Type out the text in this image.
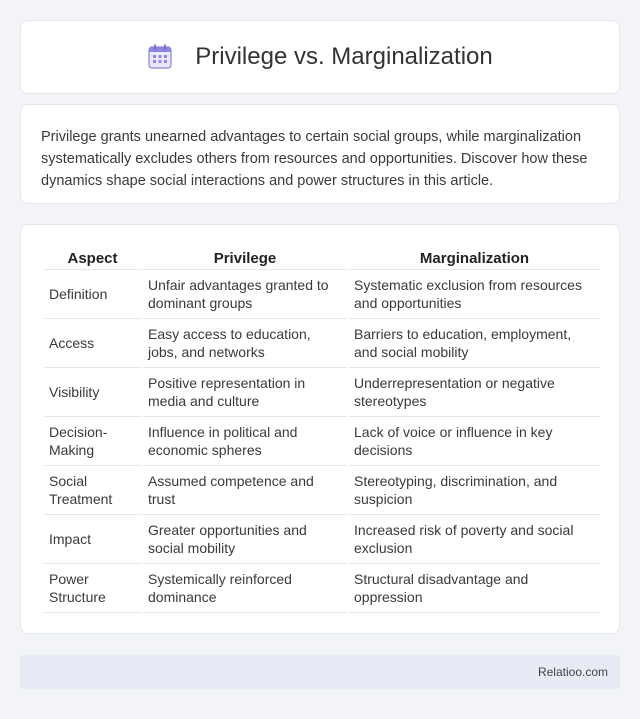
Privilege vs. Marginalization

Privilege grants unearned advantages to certain social groups, while marginalization systematically excludes others from resources and opportunities. Discover how these dynamics shape social interactions and power structures in this article.

Aspect	Privilege	Marginalization
Definition	Unfair advantages granted to dominant groups	Systematic exclusion from resources and opportunities
Access	Easy access to education, jobs, and networks	Barriers to education, employment, and social mobility
Visibility	Positive representation in media and culture	Underrepresentation or negative stereotypes
Decision-Making	Influence in political and economic spheres	Lack of voice or influence in key decisions
Social Treatment	Assumed competence and trust	Stereotyping, discrimination, and suspicion
Impact	Greater opportunities and social mobility	Increased risk of poverty and social exclusion
Power Structure	Systemically reinforced dominance	Structural disadvantage and oppression
Relatioo.com
